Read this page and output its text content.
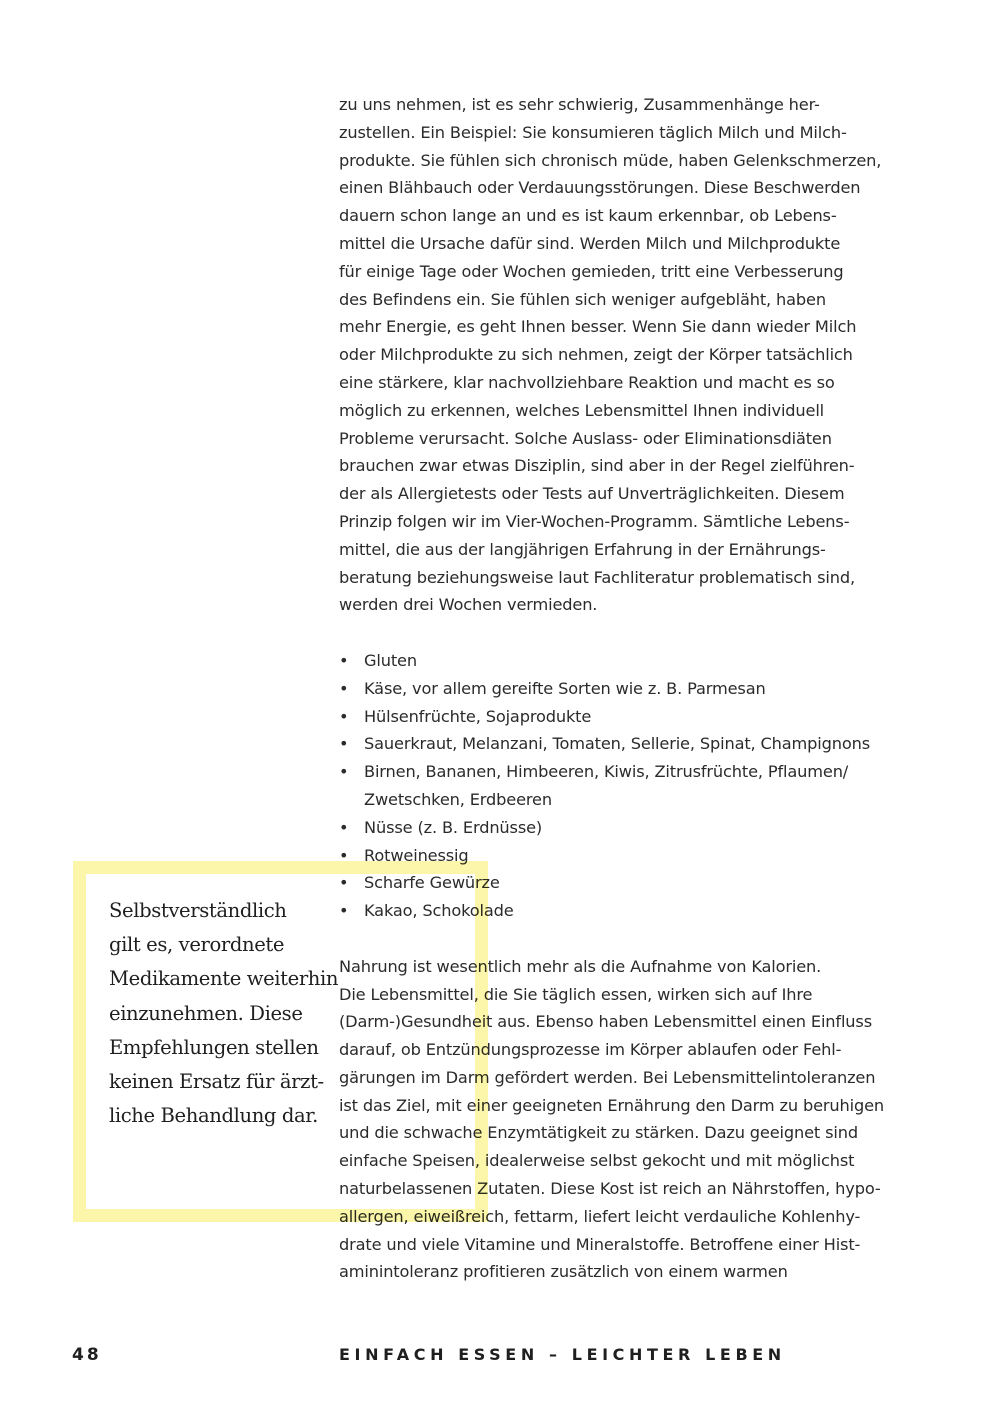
zu uns nehmen, ist es sehr schwierig, Zusammenhänge her-
zustellen. Ein Beispiel: Sie konsumieren täglich Milch und Milch-
produkte. Sie fühlen sich chronisch müde, haben Gelenkschmerzen,
einen Blähbauch oder Verdauungsstörungen. Diese Beschwerden
dauern schon lange an und es ist kaum erkennbar, ob Lebens-
mittel die Ursache dafür sind. Werden Milch und Milchprodukte
für einige Tage oder Wochen gemieden, tritt eine Verbesserung
des Befindens ein. Sie fühlen sich weniger aufgebläht, haben
mehr Energie, es geht Ihnen besser. Wenn Sie dann wieder Milch
oder Milchprodukte zu sich nehmen, zeigt der Körper tatsächlich
eine stärkere, klar nachvollziehbare Reaktion und macht es so
möglich zu erkennen, welches Lebensmittel Ihnen individuell
Probleme verursacht. Solche Auslass- oder Eliminationsdiäten
brauchen zwar etwas Disziplin, sind aber in der Regel zielführen-
der als Allergietests oder Tests auf Unverträglichkeiten. Diesem
Prinzip folgen wir im Vier-Wochen-Programm. Sämtliche Lebens-
mittel, die aus der langjährigen Erfahrung in der Ernährungs-
beratung beziehungsweise laut Fachliteratur problematisch sind,
werden drei Wochen vermieden.
• Gluten
• Käse, vor allem gereifte Sorten wie z. B. Parmesan
• Hülsenfrüchte, Sojaprodukte
• Sauerkraut, Melanzani, Tomaten, Sellerie, Spinat, Champignons
• Birnen, Bananen, Himbeeren, Kiwis, Zitrusfrüchte, Pflaumen/
Zwetschken, Erdbeeren
• Nüsse (z. B. Erdnüsse)
• Rotweinessig
• Scharfe Gewürze
• Kakao, Schokolade
Nahrung ist wesentlich mehr als die Aufnahme von Kalorien.
Die Lebensmittel, die Sie täglich essen, wirken sich auf Ihre
(Darm-)Gesundheit aus. Ebenso haben Lebensmittel einen Einfluss
darauf, ob Entzündungsprozesse im Körper ablaufen oder Fehl-
gärungen im Darm gefördert werden. Bei Lebensmittelintoleranzen
ist das Ziel, mit einer geeigneten Ernährung den Darm zu beruhigen
und die schwache Enzymtätigkeit zu stärken. Dazu geeignet sind
einfache Speisen, idealerweise selbst gekocht und mit möglichst
naturbelassenen Zutaten. Diese Kost ist reich an Nährstoffen, hypo-
allergen, eiweißreich, fettarm, liefert leicht verdauliche Kohlenhy-
drate und viele Vitamine und Mineralstoffe. Betroffene einer Hist-
aminintoleranz profitieren zusätzlich von einem warmen
Selbstverständlich
gilt es, verordnete
Medikamente weiterhin
einzunehmen. Diese
Empfehlungen stellen
keinen Ersatz für ärzt-
liche Behandlung dar.
48	EINFACH ESSEN – LEICHTER LEBEN
